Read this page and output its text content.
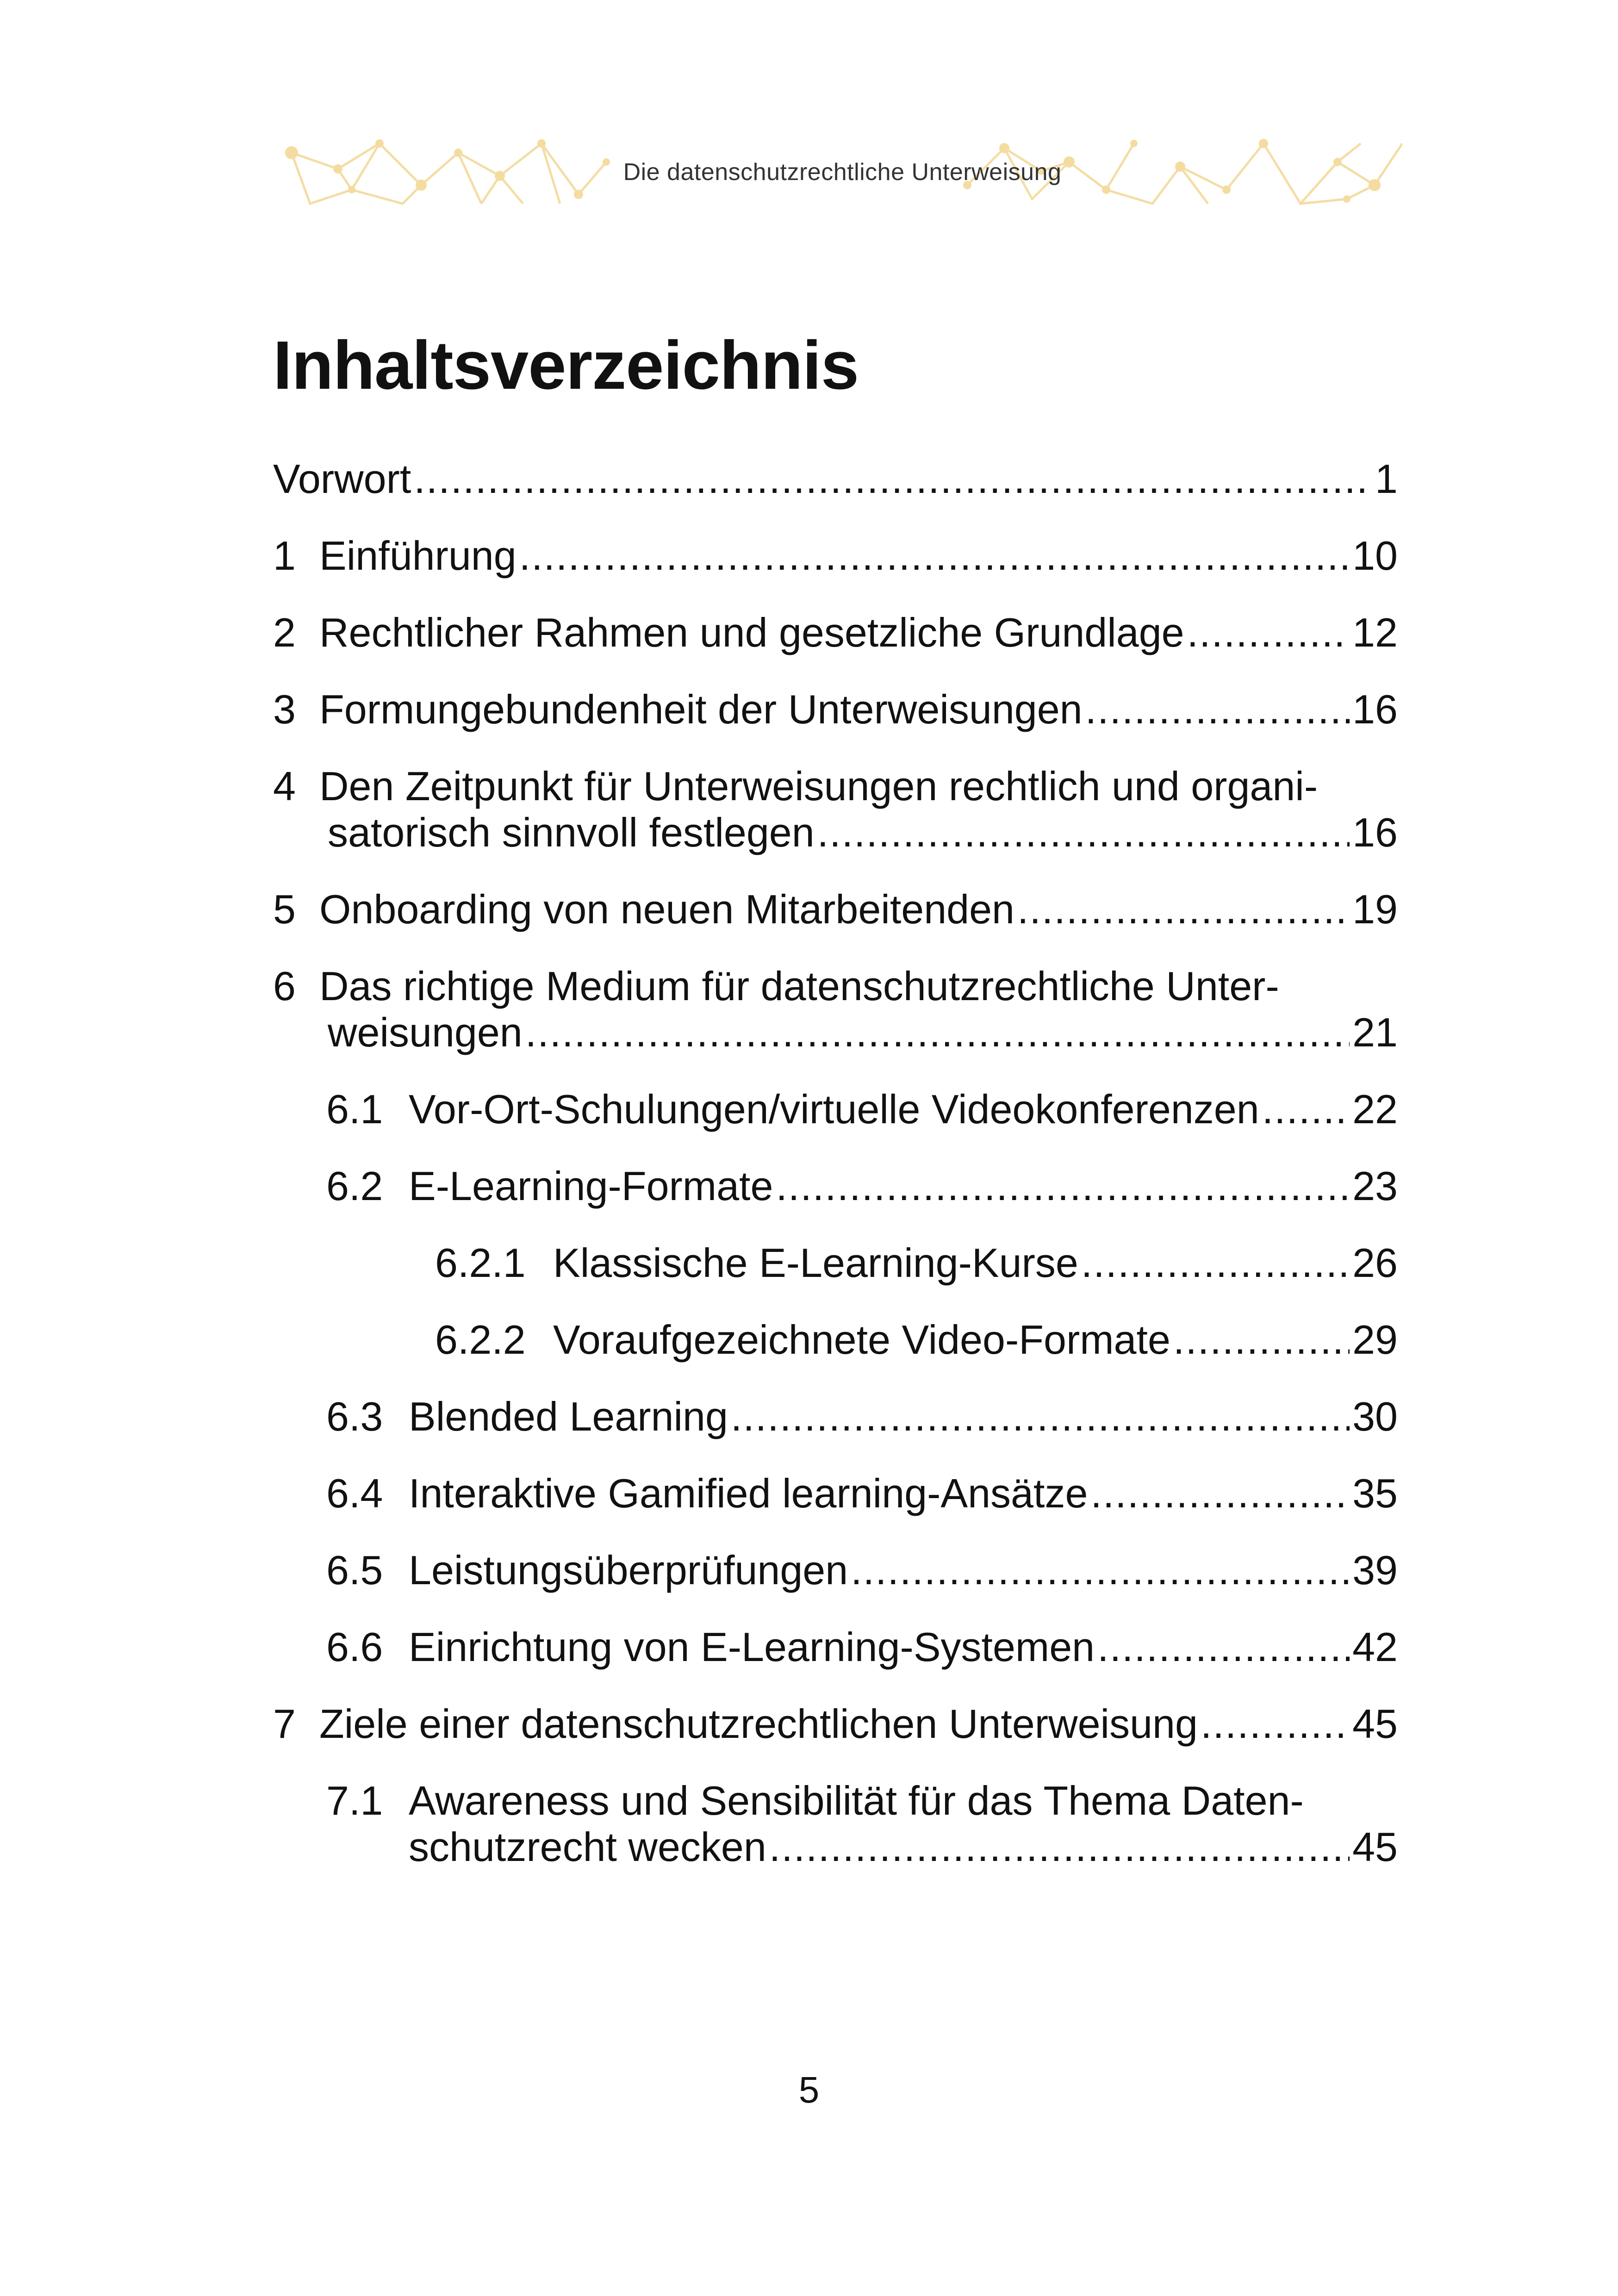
Die datenschutzrechtliche Unterweisung
Inhaltsverzeichnis
Vorwort .....	1
1 Einführung .....	10
2 Rechtlicher Rahmen und gesetzliche Grundlage .....	12
3 Formungebundenheit der Unterweisungen .....	16
4 Den Zeitpunkt für Unterweisungen rechtlich und organi-
satorisch sinnvoll festlegen .....	16
5 Onboarding von neuen Mitarbeitenden .....	19
6 Das richtige Medium für datenschutzrechtliche Unter-
weisungen .....	21
6.1 Vor-Ort-Schulungen/virtuelle Videokonferenzen ..... 22
6.2 E-Learning-Formate .....	23
6.2.1 Klassische E-Learning-Kurse .....	26
6.2.2 Voraufgezeichnete Video-Formate .....	29
6.3 Blended Learning .....	30
6.4 Interaktive Gamified learning-Ansätze .....	35
6.5 Leistungsüberprüfungen .....	39
6.6 Einrichtung von E-Learning-Systemen .....	42
7 Ziele einer datenschutzrechtlichen Unterweisung .....	45
7.1 Awareness und Sensibilität für das Thema Daten-
schutzrecht wecken .....	45
5
